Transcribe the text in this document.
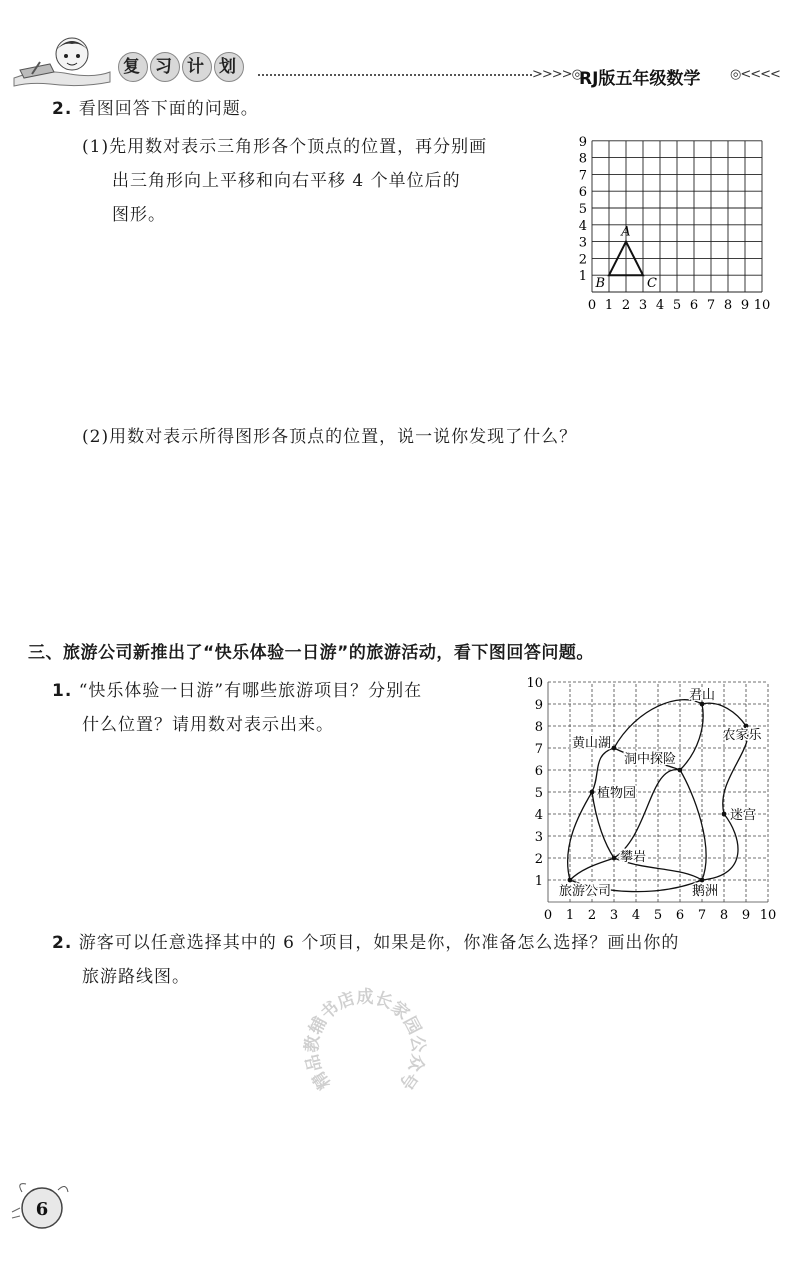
复 习 计 划	>>>>◎
RJ版五年级数学 ◎<<<<
2. 看图回答下面的问题。
(1)先用数对表示三角形各个顶点的位置，再分别画
出三角形向上平移和向右平移 4 个单位后的
图形。
0 1 2 3 4 5 6 7 8 9 10
1
2
3
4
5
6
7
8
9
A
B	C
(2)用数对表示所得图形各顶点的位置，说一说你发现了什么？
三、旅游公司新推出了“快乐体验一日游”的旅游活动，看下图回答问题。
1. “快乐体验一日游”有哪些旅游项目？分别在
什么位置？请用数对表示出来。
0 1 2 3 4 5 6 7 8 9 10
1
2
3
4
5
6
7
8
9
10
君山
农家乐
黄山湖
洞中探险
植物园
迷宫
攀岩
旅游公司	鹅洲
2. 游客可以任意选择其中的 6 个项目，如果是你，你准备怎么选择？画出你的
旅游路线图。
精
品
教
辅
书
店
成
长
家
园
公
众
号
6
